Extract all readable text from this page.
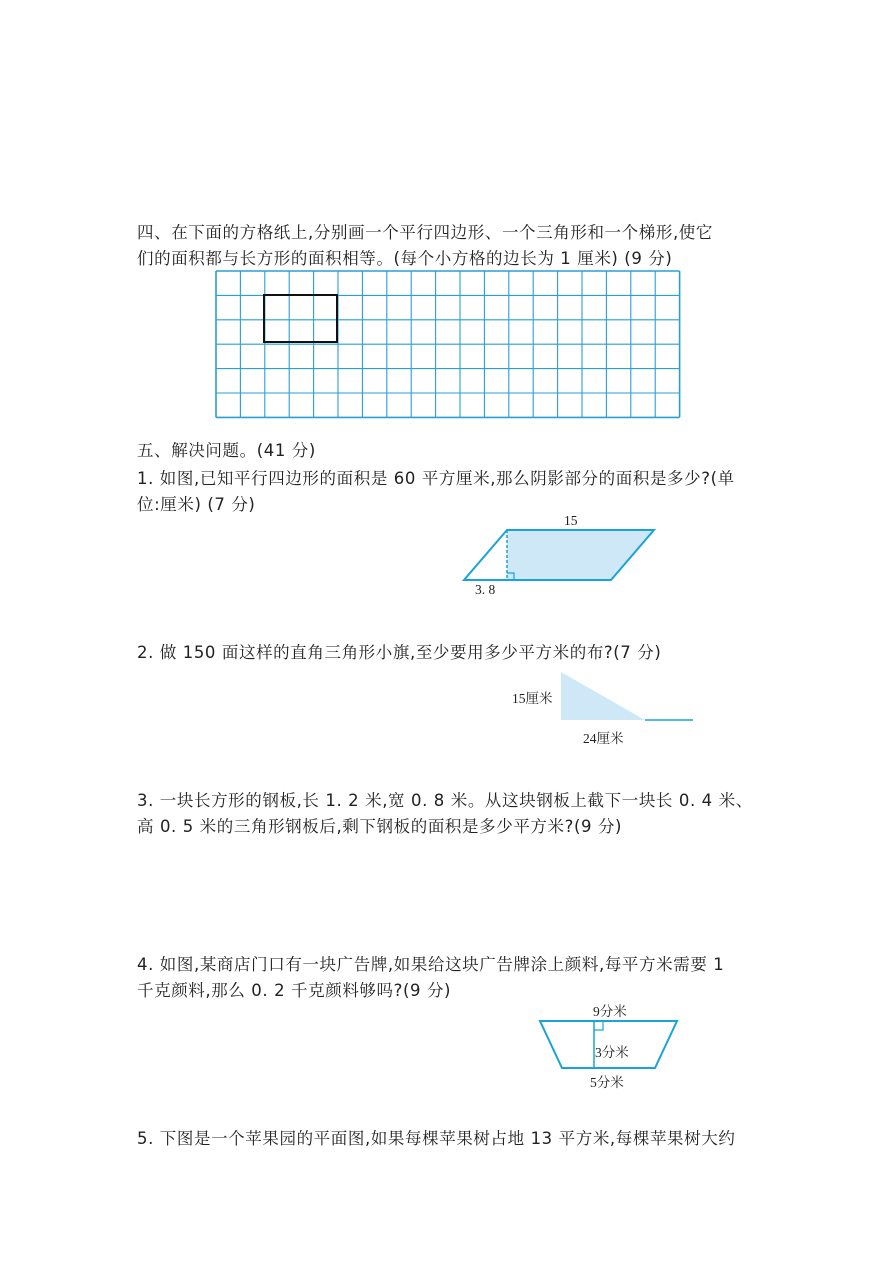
四、在下面的方格纸上,分别画一个平行四边形、一个三角形和一个梯形,使它
们的面积都与长方形的面积相等。(每个小方格的边长为 1 厘米) (9 分)
五、解决问题。(41 分)
1. 如图,已知平行四边形的面积是 60 平方厘米,那么阴影部分的面积是多少?(单
位:厘米) (7 分)
15
3. 8
2. 做 150 面这样的直角三角形小旗,至少要用多少平方米的布?(7 分)
15厘米
24厘米
3. 一块长方形的钢板,长 1. 2 米,宽 0. 8 米。从这块钢板上截下一块长 0. 4 米、
高 0. 5 米的三角形钢板后,剩下钢板的面积是多少平方米?(9 分)
4. 如图,某商店门口有一块广告牌,如果给这块广告牌涂上颜料,每平方米需要 1
千克颜料,那么 0. 2 千克颜料够吗?(9 分)
9分米
3分米
5分米
5. 下图是一个苹果园的平面图,如果每棵苹果树占地 13 平方米,每棵苹果树大约
